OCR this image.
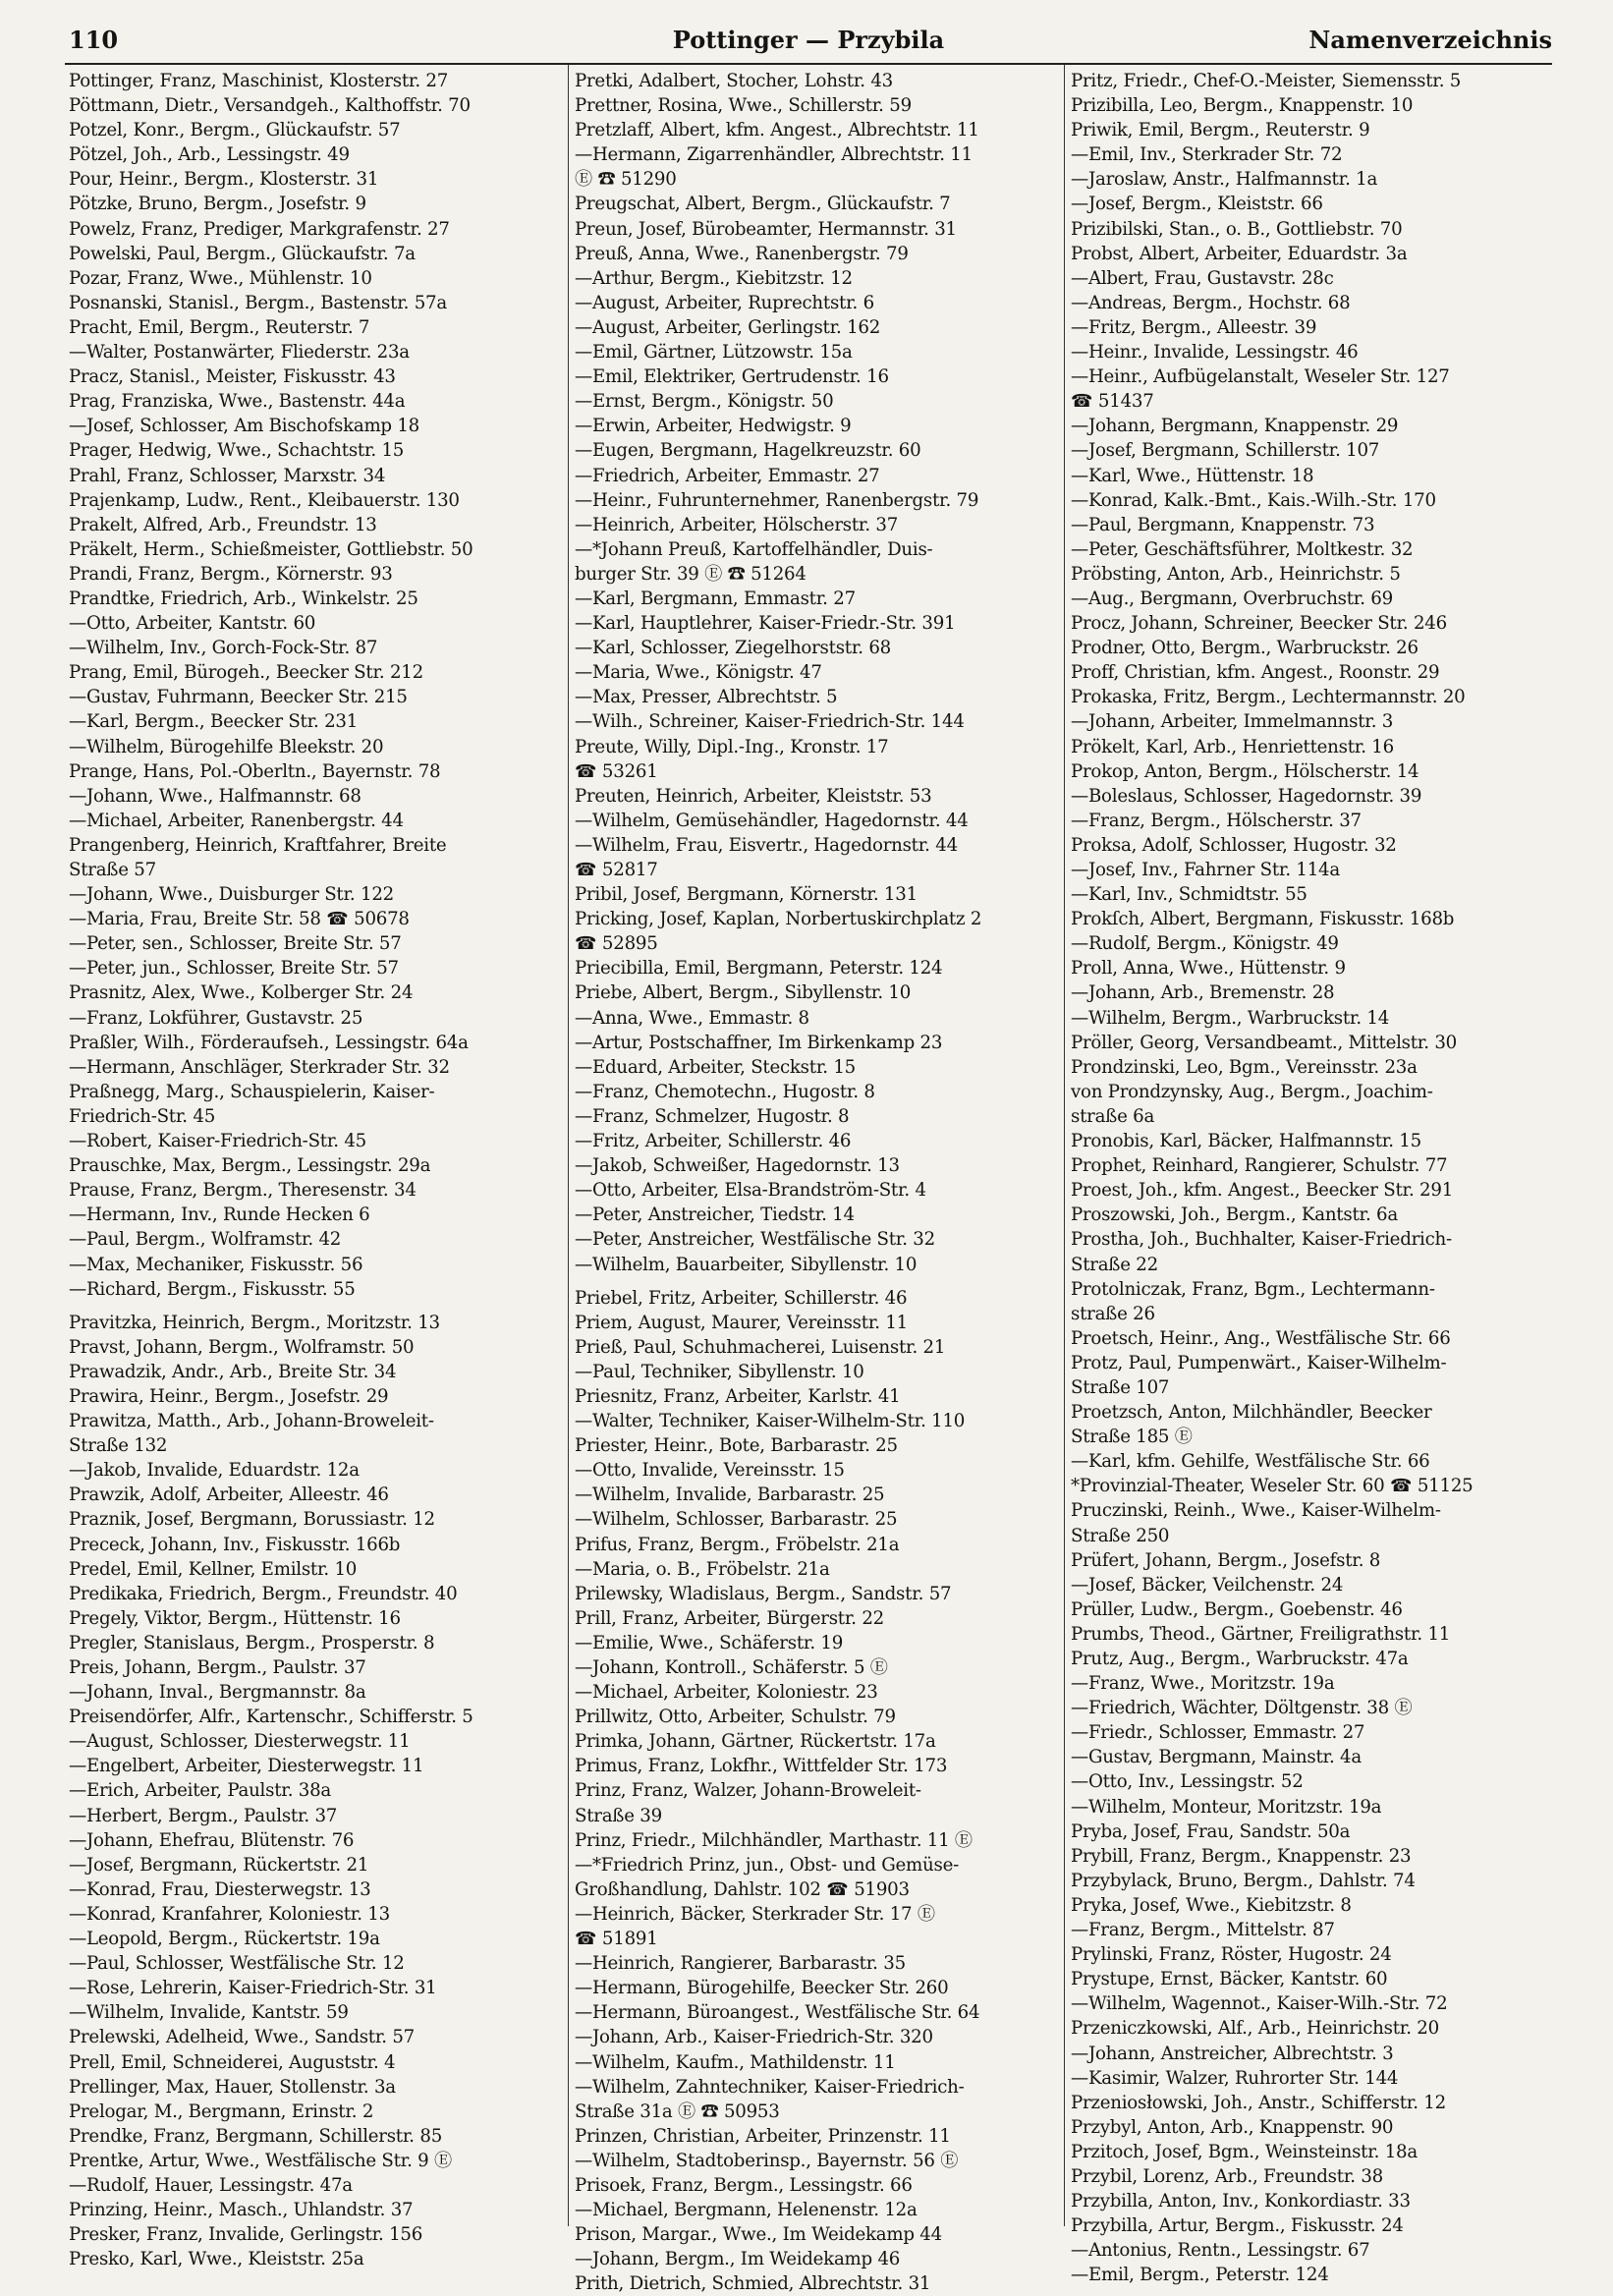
110	Pottinger — Przybila	Namenverzeichnis
Pottinger, Franz, Maschinist, Klosterstr. 27
Pöttmann, Dietr., Versandgeh., Kalthoffstr. 70
Potzel, Konr., Bergm., Glückaufstr. 57
Pötzel, Joh., Arb., Lessingstr. 49
Pour, Heinr., Bergm., Klosterstr. 31
Pötzke, Bruno, Bergm., Josefstr. 9
Powelz, Franz, Prediger, Markgrafenstr. 27
Powelski, Paul, Bergm., Glückaufstr. 7a
Pozar, Franz, Wwe., Mühlenstr. 10
Posnanski, Stanisl., Bergm., Bastenstr. 57a
Pracht, Emil, Bergm., Reuterstr. 7
—Walter, Postanwärter, Fliederstr. 23a
Pracz, Stanisl., Meister, Fiskusstr. 43
Prag, Franziska, Wwe., Bastenstr. 44a
—Josef, Schlosser, Am Bischofskamp 18
Prager, Hedwig, Wwe., Schachtstr. 15
Prahl, Franz, Schlosser, Marxstr. 34
Prajenkamp, Ludw., Rent., Kleibauerstr. 130
Prakelt, Alfred, Arb., Freundstr. 13
Präkelt, Herm., Schießmeister, Gottliebstr. 50
Prandi, Franz, Bergm., Körnerstr. 93
Prandtke, Friedrich, Arb., Winkelstr. 25
—Otto, Arbeiter, Kantstr. 60
—Wilhelm, Inv., Gorch-Fock-Str. 87
Prang, Emil, Bürogeh., Beecker Str. 212
—Gustav, Fuhrmann, Beecker Str. 215
—Karl, Bergm., Beecker Str. 231
—Wilhelm, Bürogehilfe Bleekstr. 20
Prange, Hans, Pol.-Oberltn., Bayernstr. 78
—Johann, Wwe., Halfmannstr. 68
—Michael, Arbeiter, Ranenbergstr. 44
Prangenberg, Heinrich, Kraftfahrer, Breite
Straße 57
—Johann, Wwe., Duisburger Str. 122
—Maria, Frau, Breite Str. 58 ☎ 50678
—Peter, sen., Schlosser, Breite Str. 57
—Peter, jun., Schlosser, Breite Str. 57
Prasnitz, Alex, Wwe., Kolberger Str. 24
—Franz, Lokführer, Gustavstr. 25
Praßler, Wilh., Förderaufseh., Lessingstr. 64a
—Hermann, Anschläger, Sterkrader Str. 32
Praßnegg, Marg., Schauspielerin, Kaiser-
Friedrich-Str. 45
—Robert, Kaiser-Friedrich-Str. 45
Prauschke, Max, Bergm., Lessingstr. 29a
Prause, Franz, Bergm., Theresenstr. 34
—Hermann, Inv., Runde Hecken 6
—Paul, Bergm., Wolframstr. 42
—Max, Mechaniker, Fiskusstr. 56
—Richard, Bergm., Fiskusstr. 55
Pravitzka, Heinrich, Bergm., Moritzstr. 13
Pravst, Johann, Bergm., Wolframstr. 50
Prawadzik, Andr., Arb., Breite Str. 34
Prawira, Heinr., Bergm., Josefstr. 29
Prawitza, Matth., Arb., Johann-Broweleit-
Straße 132
—Jakob, Invalide, Eduardstr. 12a
Prawzik, Adolf, Arbeiter, Alleestr. 46
Praznik, Josef, Bergmann, Borussiastr. 12
Prececk, Johann, Inv., Fiskusstr. 166b
Predel, Emil, Kellner, Emilstr. 10
Predikaka, Friedrich, Bergm., Freundstr. 40
Pregely, Viktor, Bergm., Hüttenstr. 16
Pregler, Stanislaus, Bergm., Prosperstr. 8
Preis, Johann, Bergm., Paulstr. 37
—Johann, Inval., Bergmannstr. 8a
Preisendörfer, Alfr., Kartenschr., Schifferstr. 5
—August, Schlosser, Diesterwegstr. 11
—Engelbert, Arbeiter, Diesterwegstr. 11
—Erich, Arbeiter, Paulstr. 38a
—Herbert, Bergm., Paulstr. 37
—Johann, Ehefrau, Blütenstr. 76
—Josef, Bergmann, Rückertstr. 21
—Konrad, Frau, Diesterwegstr. 13
—Konrad, Kranfahrer, Koloniestr. 13
—Leopold, Bergm., Rückertstr. 19a
—Paul, Schlosser, Westfälische Str. 12
—Rose, Lehrerin, Kaiser-Friedrich-Str. 31
—Wilhelm, Invalide, Kantstr. 59
Prelewski, Adelheid, Wwe., Sandstr. 57
Prell, Emil, Schneiderei, Auguststr. 4
Prellinger, Max, Hauer, Stollenstr. 3a
Prelogar, M., Bergmann, Erinstr. 2
Prendke, Franz, Bergmann, Schillerstr. 85
Prentke, Artur, Wwe., Westfälische Str. 9 Ⓔ
—Rudolf, Hauer, Lessingstr. 47a
Prinzing, Heinr., Masch., Uhlandstr. 37
Presker, Franz, Invalide, Gerlingstr. 156
Presko, Karl, Wwe., Kleiststr. 25a
Pretki, Adalbert, Stocher, Lohstr. 43
Prettner, Rosina, Wwe., Schillerstr. 59
Pretzlaff, Albert, kfm. Angest., Albrechtstr. 11
—Hermann, Zigarrenhändler, Albrechtstr. 11
Ⓔ ☎ 51290
Preugschat, Albert, Bergm., Glückaufstr. 7
Preun, Josef, Bürobeamter, Hermannstr. 31
Preuß, Anna, Wwe., Ranenbergstr. 79
—Arthur, Bergm., Kiebitzstr. 12
—August, Arbeiter, Ruprechtstr. 6
—August, Arbeiter, Gerlingstr. 162
—Emil, Gärtner, Lützowstr. 15a
—Emil, Elektriker, Gertrudenstr. 16
—Ernst, Bergm., Königstr. 50
—Erwin, Arbeiter, Hedwigstr. 9
—Eugen, Bergmann, Hagelkreuzstr. 60
—Friedrich, Arbeiter, Emmastr. 27
—Heinr., Fuhrunternehmer, Ranenbergstr. 79
—Heinrich, Arbeiter, Hölscherstr. 37
—*Johann Preuß, Kartoffelhändler, Duis-
burger Str. 39 Ⓔ ☎ 51264
—Karl, Bergmann, Emmastr. 27
—Karl, Hauptlehrer, Kaiser-Friedr.-Str. 391
—Karl, Schlosser, Ziegelhorststr. 68
—Maria, Wwe., Königstr. 47
—Max, Presser, Albrechtstr. 5
—Wilh., Schreiner, Kaiser-Friedrich-Str. 144
Preute, Willy, Dipl.-Ing., Kronstr. 17
☎ 53261
Preuten, Heinrich, Arbeiter, Kleiststr. 53
—Wilhelm, Gemüsehändler, Hagedornstr. 44
—Wilhelm, Frau, Eisvertr., Hagedornstr. 44
☎ 52817
Pribil, Josef, Bergmann, Körnerstr. 131
Pricking, Josef, Kaplan, Norbertuskirchplatz 2
☎ 52895
Priecibilla, Emil, Bergmann, Peterstr. 124
Priebe, Albert, Bergm., Sibyllenstr. 10
—Anna, Wwe., Emmastr. 8
—Artur, Postschaffner, Im Birkenkamp 23
—Eduard, Arbeiter, Steckstr. 15
—Franz, Chemotechn., Hugostr. 8
—Franz, Schmelzer, Hugostr. 8
—Fritz, Arbeiter, Schillerstr. 46
—Jakob, Schweißer, Hagedornstr. 13
—Otto, Arbeiter, Elsa-Brandström-Str. 4
—Peter, Anstreicher, Tiedstr. 14
—Peter, Anstreicher, Westfälische Str. 32
—Wilhelm, Bauarbeiter, Sibyllenstr. 10
Priebel, Fritz, Arbeiter, Schillerstr. 46
Priem, August, Maurer, Vereinsstr. 11
Prieß, Paul, Schuhmacherei, Luisenstr. 21
—Paul, Techniker, Sibyllenstr. 10
Priesnitz, Franz, Arbeiter, Karlstr. 41
—Walter, Techniker, Kaiser-Wilhelm-Str. 110
Priester, Heinr., Bote, Barbarastr. 25
—Otto, Invalide, Vereinsstr. 15
—Wilhelm, Invalide, Barbarastr. 25
—Wilhelm, Schlosser, Barbarastr. 25
Prifus, Franz, Bergm., Fröbelstr. 21a
—Maria, o. B., Fröbelstr. 21a
Prilewsky, Wladislaus, Bergm., Sandstr. 57
Prill, Franz, Arbeiter, Bürgerstr. 22
—Emilie, Wwe., Schäferstr. 19
—Johann, Kontroll., Schäferstr. 5 Ⓔ
—Michael, Arbeiter, Koloniestr. 23
Prillwitz, Otto, Arbeiter, Schulstr. 79
Primka, Johann, Gärtner, Rückertstr. 17a
Primus, Franz, Lokfhr., Wittfelder Str. 173
Prinz, Franz, Walzer, Johann-Broweleit-
Straße 39
Prinz, Friedr., Milchhändler, Marthastr. 11 Ⓔ
—*Friedrich Prinz, jun., Obst- und Gemüse-
Großhandlung, Dahlstr. 102 ☎ 51903
—Heinrich, Bäcker, Sterkrader Str. 17 Ⓔ
☎ 51891
—Heinrich, Rangierer, Barbarastr. 35
—Hermann, Bürogehilfe, Beecker Str. 260
—Hermann, Büroangest., Westfälische Str. 64
—Johann, Arb., Kaiser-Friedrich-Str. 320
—Wilhelm, Kaufm., Mathildenstr. 11
—Wilhelm, Zahntechniker, Kaiser-Friedrich-
Straße 31a Ⓔ ☎ 50953
Prinzen, Christian, Arbeiter, Prinzenstr. 11
—Wilhelm, Stadtoberinsp., Bayernstr. 56 Ⓔ
Prisoek, Franz, Bergm., Lessingstr. 66
—Michael, Bergmann, Helenenstr. 12a
Prison, Margar., Wwe., Im Weidekamp 44
—Johann, Bergm., Im Weidekamp 46
Prith, Dietrich, Schmied, Albrechtstr. 31
Pritz, Friedr., Chef-O.-Meister, Siemensstr. 5
Prizibilla, Leo, Bergm., Knappenstr. 10
Priwik, Emil, Bergm., Reuterstr. 9
—Emil, Inv., Sterkrader Str. 72
—Jaroslaw, Anstr., Halfmannstr. 1a
—Josef, Bergm., Kleiststr. 66
Prizibilski, Stan., o. B., Gottliebstr. 70
Probst, Albert, Arbeiter, Eduardstr. 3a
—Albert, Frau, Gustavstr. 28c
—Andreas, Bergm., Hochstr. 68
—Fritz, Bergm., Alleestr. 39
—Heinr., Invalide, Lessingstr. 46
—Heinr., Aufbügelanstalt, Weseler Str. 127
☎ 51437
—Johann, Bergmann, Knappenstr. 29
—Josef, Bergmann, Schillerstr. 107
—Karl, Wwe., Hüttenstr. 18
—Konrad, Kalk.-Bmt., Kais.-Wilh.-Str. 170
—Paul, Bergmann, Knappenstr. 73
—Peter, Geschäftsführer, Moltkestr. 32
Pröbsting, Anton, Arb., Heinrichstr. 5
—Aug., Bergmann, Overbruchstr. 69
Procz, Johann, Schreiner, Beecker Str. 246
Prodner, Otto, Bergm., Warbruckstr. 26
Proff, Christian, kfm. Angest., Roonstr. 29
Prokaska, Fritz, Bergm., Lechtermannstr. 20
—Johann, Arbeiter, Immelmannstr. 3
Prökelt, Karl, Arb., Henriettenstr. 16
Prokop, Anton, Bergm., Hölscherstr. 14
—Boleslaus, Schlosser, Hagedornstr. 39
—Franz, Bergm., Hölscherstr. 37
Proksa, Adolf, Schlosser, Hugostr. 32
—Josef, Inv., Fahrner Str. 114a
—Karl, Inv., Schmidtstr. 55
Prokſch, Albert, Bergmann, Fiskusstr. 168b
—Rudolf, Bergm., Königstr. 49
Proll, Anna, Wwe., Hüttenstr. 9
—Johann, Arb., Bremenstr. 28
—Wilhelm, Bergm., Warbruckstr. 14
Pröller, Georg, Versandbeamt., Mittelstr. 30
Prondzinski, Leo, Bgm., Vereinsstr. 23a
von Prondzynsky, Aug., Bergm., Joachim-
straße 6a
Pronobis, Karl, Bäcker, Halfmannstr. 15
Prophet, Reinhard, Rangierer, Schulstr. 77
Proest, Joh., kfm. Angest., Beecker Str. 291
Proszowski, Joh., Bergm., Kantstr. 6a
Prostha, Joh., Buchhalter, Kaiser-Friedrich-
Straße 22
Protolniczak, Franz, Bgm., Lechtermann-
straße 26
Proetsch, Heinr., Ang., Westfälische Str. 66
Protz, Paul, Pumpenwärt., Kaiser-Wilhelm-
Straße 107
Proetzsch, Anton, Milchhändler, Beecker
Straße 185 Ⓔ
—Karl, kfm. Gehilfe, Westfälische Str. 66
*Provinzial-Theater, Weseler Str. 60 ☎ 51125
Pruczinski, Reinh., Wwe., Kaiser-Wilhelm-
Straße 250
Prüfert, Johann, Bergm., Josefstr. 8
—Josef, Bäcker, Veilchenstr. 24
Prüller, Ludw., Bergm., Goebenstr. 46
Prumbs, Theod., Gärtner, Freiligrathstr. 11
Prutz, Aug., Bergm., Warbruckstr. 47a
—Franz, Wwe., Moritzstr. 19a
—Friedrich, Wächter, Döltgenstr. 38 Ⓔ
—Friedr., Schlosser, Emmastr. 27
—Gustav, Bergmann, Mainstr. 4a
—Otto, Inv., Lessingstr. 52
—Wilhelm, Monteur, Moritzstr. 19a
Pryba, Josef, Frau, Sandstr. 50a
Prybill, Franz, Bergm., Knappenstr. 23
Przybylack, Bruno, Bergm., Dahlstr. 74
Pryka, Josef, Wwe., Kiebitzstr. 8
—Franz, Bergm., Mittelstr. 87
Prylinski, Franz, Röster, Hugostr. 24
Prystupe, Ernst, Bäcker, Kantstr. 60
—Wilhelm, Wagennot., Kaiser-Wilh.-Str. 72
Przeniczkowski, Alf., Arb., Heinrichstr. 20
—Johann, Anstreicher, Albrechtstr. 3
—Kasimir, Walzer, Ruhrorter Str. 144
Przeniosłowski, Joh., Anstr., Schifferstr. 12
Przybyl, Anton, Arb., Knappenstr. 90
Przitoch, Josef, Bgm., Weinsteinstr. 18a
Przybil, Lorenz, Arb., Freundstr. 38
Przybilla, Anton, Inv., Konkordiastr. 33
Przybilla, Artur, Bergm., Fiskusstr. 24
—Antonius, Rentn., Lessingstr. 67
—Emil, Bergm., Peterstr. 124
